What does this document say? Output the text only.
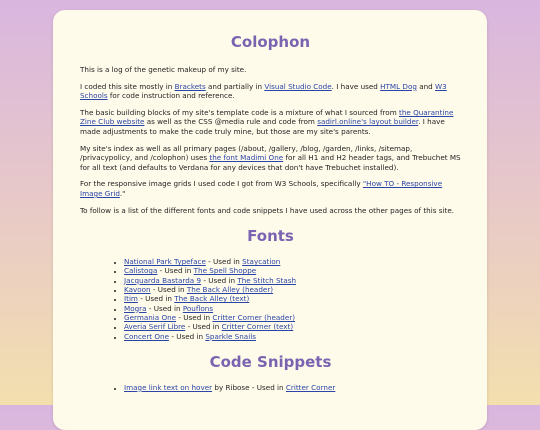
Colophon

This is a log of the genetic makeup of my site.

I coded this site mostly in Brackets and partially in Visual Studio Code. I have used HTML Dog and W3 Schools for code instruction and reference.

The basic building blocks of my site's template code is a mixture of what I sourced from the Quarantine Zine Club website as well as the CSS @media rule and code from sadirl.online's layout builder. I have made adjustments to make the code truly mine, but those are my site's parents.

My site's index as well as all primary pages (/about, /gallery, /blog, /garden, /links, /sitemap, /privacypolicy, and /colophon) uses the font Madimi One for all H1 and H2 header tags, and Trebuchet MS for all text (and defaults to Verdana for any devices that don't have Trebuchet installed).

For the responsive image grids I used code I got from W3 Schools, specifically "How TO - Responsive Image Grid."

To follow is a list of the different fonts and code snippets I have used across the other pages of this site.

Fonts
• National Park Typeface - Used in Staycation
• Calistoga - Used in The Spell Shoppe
• Jacquarda Bastarda 9 - Used in The Stitch Stash
• Kavoon - Used in The Back Alley (header)
• Itim - Used in The Back Alley (text)
• Mogra - Used in Pouflons
• Germania One - Used in Critter Corner (header)
• Averia Serif Libre - Used in Critter Corner (text)
• Concert One - Used in Sparkle Snails
Code Snippets
• Image link text on hover by Ribose - Used in Critter Corner
